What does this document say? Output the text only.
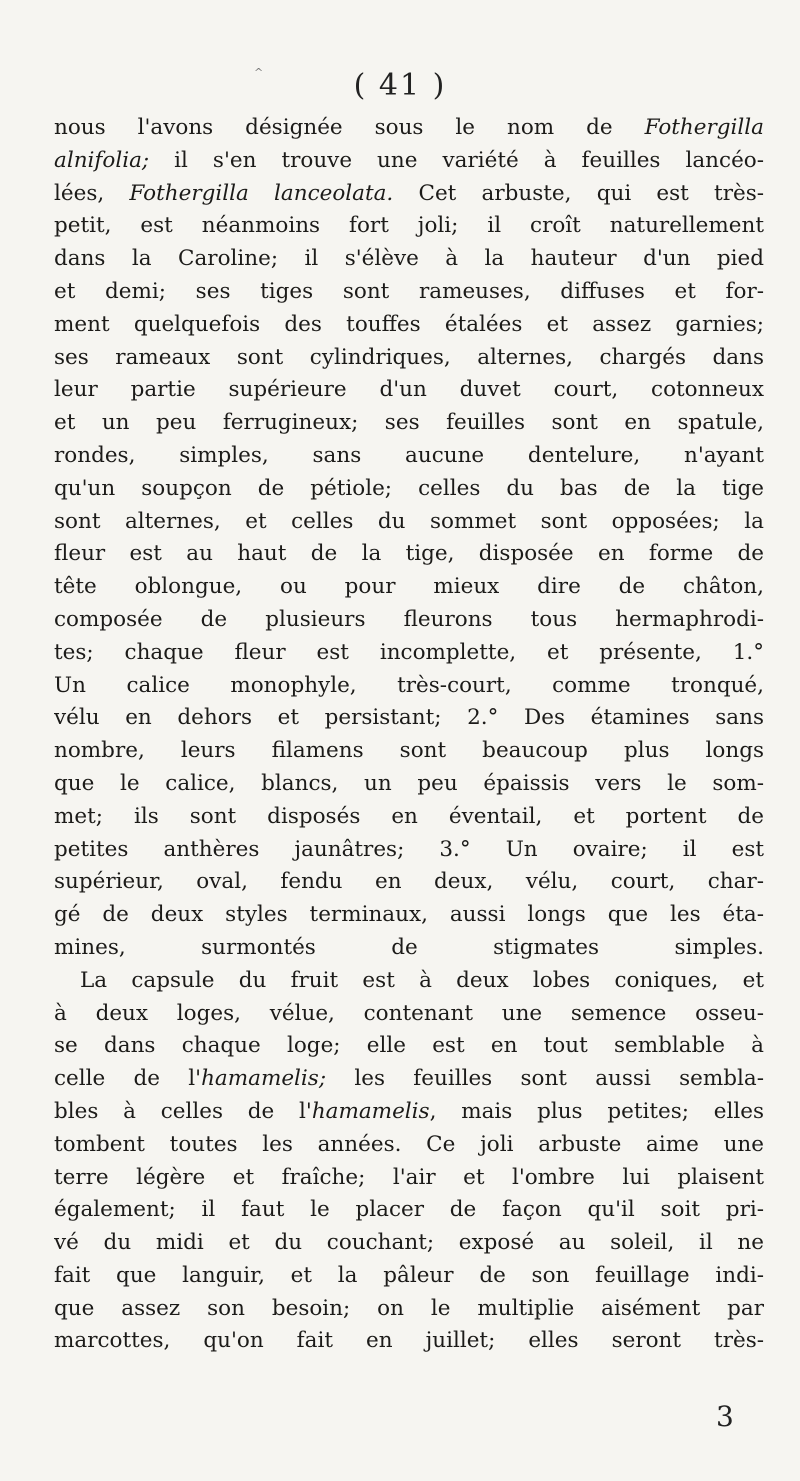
^	( 41 )
nous l'avons désignée sous le nom de Fothergilla
alnifolia; il s'en trouve une variété à feuilles lancéo-
lées, Fothergilla lanceolata. Cet arbuste, qui est très-
petit, est néanmoins fort joli; il croît naturellement
dans la Caroline; il s'élève à la hauteur d'un pied
et demi; ses tiges sont rameuses, diffuses et for-
ment quelquefois des touffes étalées et assez garnies;
ses rameaux sont cylindriques, alternes, chargés dans
leur partie supérieure d'un duvet court, cotonneux
et un peu ferrugineux; ses feuilles sont en spatule,
rondes, simples, sans aucune dentelure, n'ayant
qu'un soupçon de pétiole; celles du bas de la tige
sont alternes, et celles du sommet sont opposées; la
fleur est au haut de la tige, disposée en forme de
tête oblongue, ou pour mieux dire de châton,
composée de plusieurs fleurons tous hermaphrodi-
tes; chaque fleur est incomplette, et présente, 1.°
Un calice monophyle, très-court, comme tronqué,
vélu en dehors et persistant; 2.° Des étamines sans
nombre, leurs filamens sont beaucoup plus longs
que le calice, blancs, un peu épaissis vers le som-
met; ils sont disposés en éventail, et portent de
petites anthères jaunâtres; 3.° Un ovaire; il est
supérieur, oval, fendu en deux, vélu, court, char-
gé de deux styles terminaux, aussi longs que les éta-
mines, surmontés de stigmates simples.
La capsule du fruit est à deux lobes coniques, et
à deux loges, vélue, contenant une semence osseu-
se dans chaque loge; elle est en tout semblable à
celle de l'hamamelis; les feuilles sont aussi sembla-
bles à celles de l'hamamelis, mais plus petites; elles
tombent toutes les années. Ce joli arbuste aime une
terre légère et fraîche; l'air et l'ombre lui plaisent
également; il faut le placer de façon qu'il soit pri-
vé du midi et du couchant; exposé au soleil, il ne
fait que languir, et la pâleur de son feuillage indi-
que assez son besoin; on le multiplie aisément par
marcottes, qu'on fait en juillet; elles seront très-
3
